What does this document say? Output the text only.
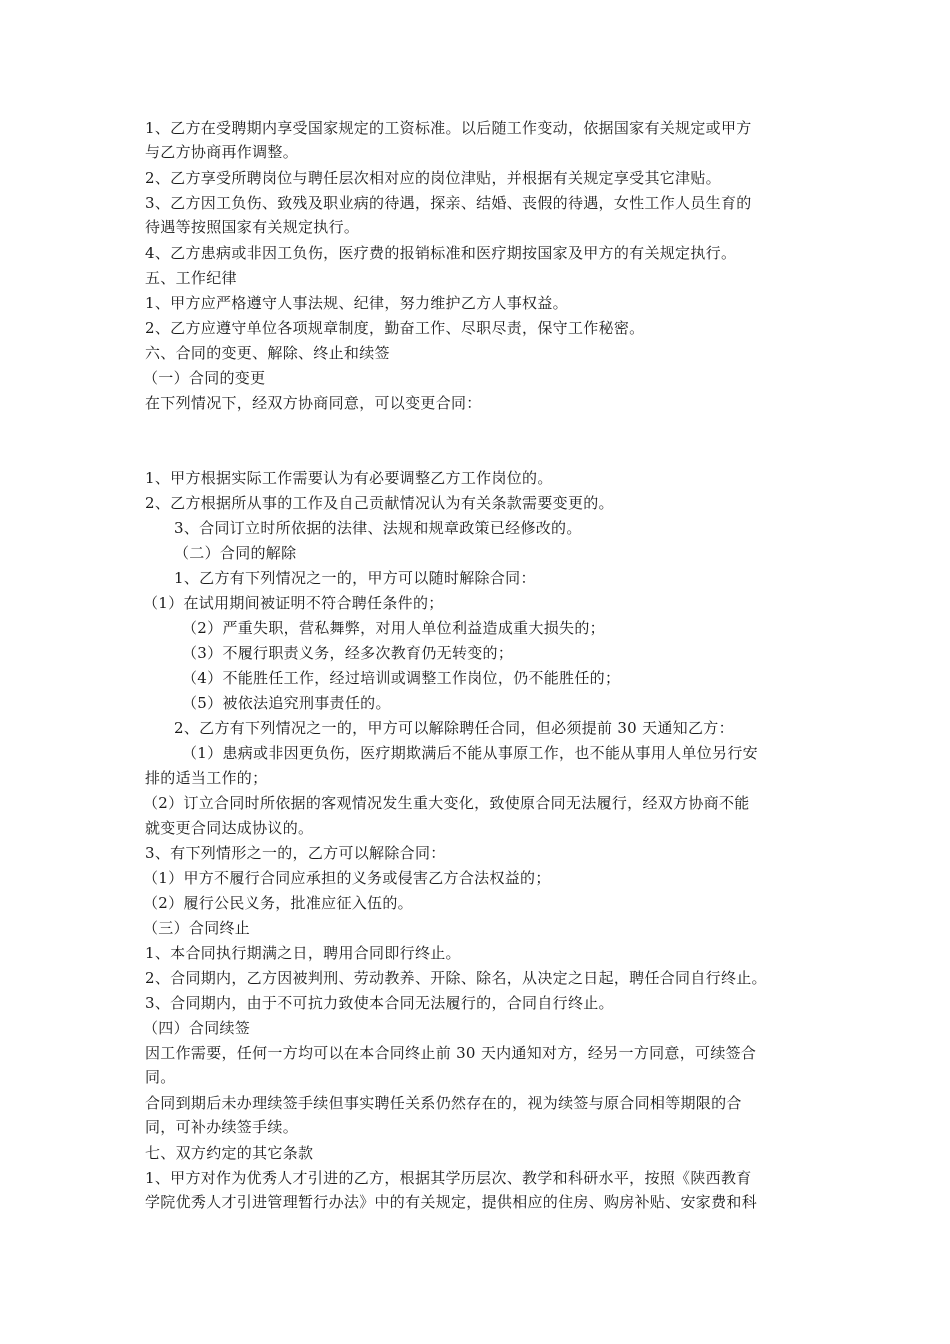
1、乙方在受聘期内享受国家规定的工资标准。以后随工作变动，依据国家有关规定或甲方
与乙方协商再作调整。
2、乙方享受所聘岗位与聘任层次相对应的岗位津贴，并根据有关规定享受其它津贴。
3、乙方因工负伤、致残及职业病的待遇，探亲、结婚、丧假的待遇，女性工作人员生育的
待遇等按照国家有关规定执行。
4、乙方患病或非因工负伤，医疗费的报销标准和医疗期按国家及甲方的有关规定执行。
五、工作纪律
1、甲方应严格遵守人事法规、纪律，努力维护乙方人事权益。
2、乙方应遵守单位各项规章制度，勤奋工作、尽职尽责，保守工作秘密。
六、合同的变更、解除、终止和续签
（一）合同的变更
在下列情况下，经双方协商同意，可以变更合同：
1、甲方根据实际工作需要认为有必要调整乙方工作岗位的。
2、乙方根据所从事的工作及自己贡献情况认为有关条款需要变更的。
3、合同订立时所依据的法律、法规和规章政策已经修改的。
（二）合同的解除
1、乙方有下列情况之一的，甲方可以随时解除合同：
（1）在试用期间被证明不符合聘任条件的；
（2）严重失职，营私舞弊，对用人单位利益造成重大损失的；
（3）不履行职责义务，经多次教育仍无转变的；
（4）不能胜任工作，经过培训或调整工作岗位，仍不能胜任的；
（5）被依法追究刑事责任的。
2、乙方有下列情况之一的，甲方可以解除聘任合同，但必须提前 30 天通知乙方：
（1）患病或非因更负伤，医疗期欺满后不能从事原工作，也不能从事用人单位另行安
排的适当工作的；
（2）订立合同时所依据的客观情况发生重大变化，致使原合同无法履行，经双方协商不能
就变更合同达成协议的。
3、有下列情形之一的，乙方可以解除合同：
（1）甲方不履行合同应承担的义务或侵害乙方合法权益的；
（2）履行公民义务，批准应征入伍的。
（三）合同终止
1、本合同执行期满之日，聘用合同即行终止。
2、合同期内，乙方因被判刑、劳动教养、开除、除名，从决定之日起，聘任合同自行终止。
3、合同期内，由于不可抗力致使本合同无法履行的，合同自行终止。
（四）合同续签
因工作需要，任何一方均可以在本合同终止前 30 天内通知对方，经另一方同意，可续签合
同。
合同到期后未办理续签手续但事实聘任关系仍然存在的，视为续签与原合同相等期限的合
同，可补办续签手续。
七、双方约定的其它条款
1、甲方对作为优秀人才引进的乙方，根据其学历层次、教学和科研水平，按照《陕西教育
学院优秀人才引进管理暂行办法》中的有关规定，提供相应的住房、购房补贴、安家费和科
